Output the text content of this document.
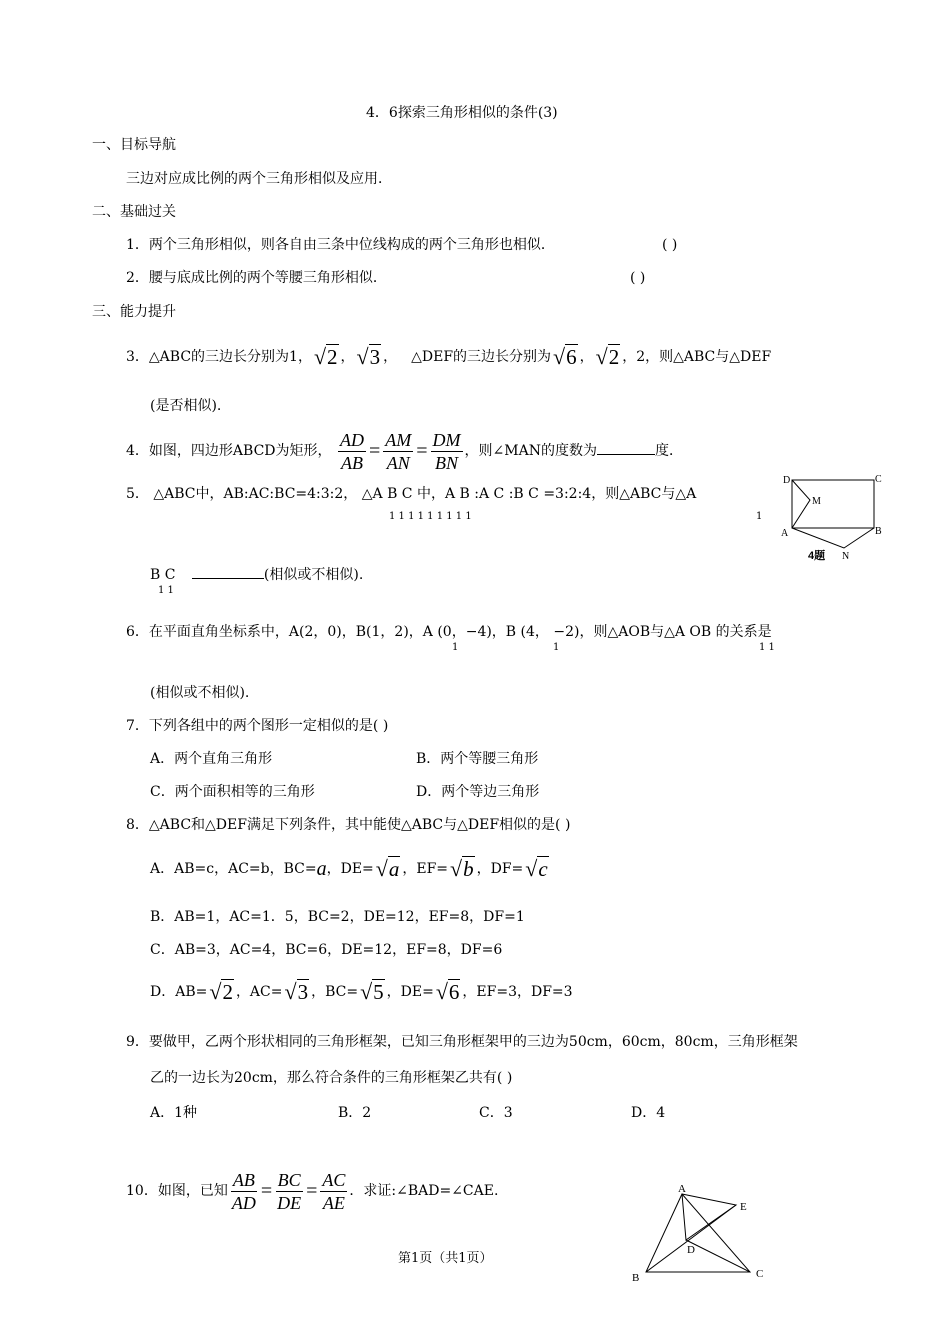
4．6探索三角形相似的条件(3)
一、目标导航
三边对应成比例的两个三角形相似及应用．
二、基础过关
1．两个三角形相似，则各自由三条中位线构成的两个三角形也相似．	( )
2．腰与底成比例的两个等腰三角形相似．	( )
三、能力提升
3．△ABC的三边长分别为1， √ 2 ， √ 3 ， △DEF的三边长分别为 √ 6 ， √ 2 ，2，则△ABC与△DEF
(是否相似).
4．如图，四边形ABCD为矩形， $\frac{AD}{AB} = \frac{AM}{AN} = \frac{DM}{BN}$ ，则∠MAN的度数为	度．
D	C
M
A	B
N
4题
5． △ABC中，AB:AC:BC=4:3:2， △A B C 中，A B :A C :B C =3:2:4，则△ABC与△A
1 1 1 1 1 1 1 1 1	1
B C	(相似或不相似).
1 1
6．在平面直角坐标系中，A(2，0)，B(1，2)，A (0，−4)，B (4， −2)，则△AOB与△A OB 的关系是
1	1	1 1
(相似或不相似).
7．下列各组中的两个图形一定相似的是( )
A．两个直角三角形	B．两个等腰三角形
C．两个面积相等的三角形	D．两个等边三角形
8．△ABC和△DEF满足下列条件，其中能使△ABC与△DEF相似的是( )
A．AB=c，AC=b，BC=a，DE= √ a ，EF= √ b ，DF= √ c
B．AB=1，AC=1．5，BC=2，DE=12，EF=8，DF=1
C．AB=3，AC=4，BC=6，DE=12，EF=8，DF=6
D．AB= √ 2 ，AC= √ 3 ，BC= √ 5 ，DE= √ 6 ，EF=3，DF=3
9．要做甲，乙两个形状相同的三角形框架，已知三角形框架甲的三边为50cm，60cm，80cm，三角形框架
乙的一边长为20cm，那么符合条件的三角形框架乙共有( )
A．1种	B．2	C．3	D．4
10．如图，已知 $\frac{AB}{AD} = \frac{BC}{DE} = \frac{AC}{AE}$ ．求证:∠BAD=∠CAE.	A
E
D
B	C
第1页（共1页）
